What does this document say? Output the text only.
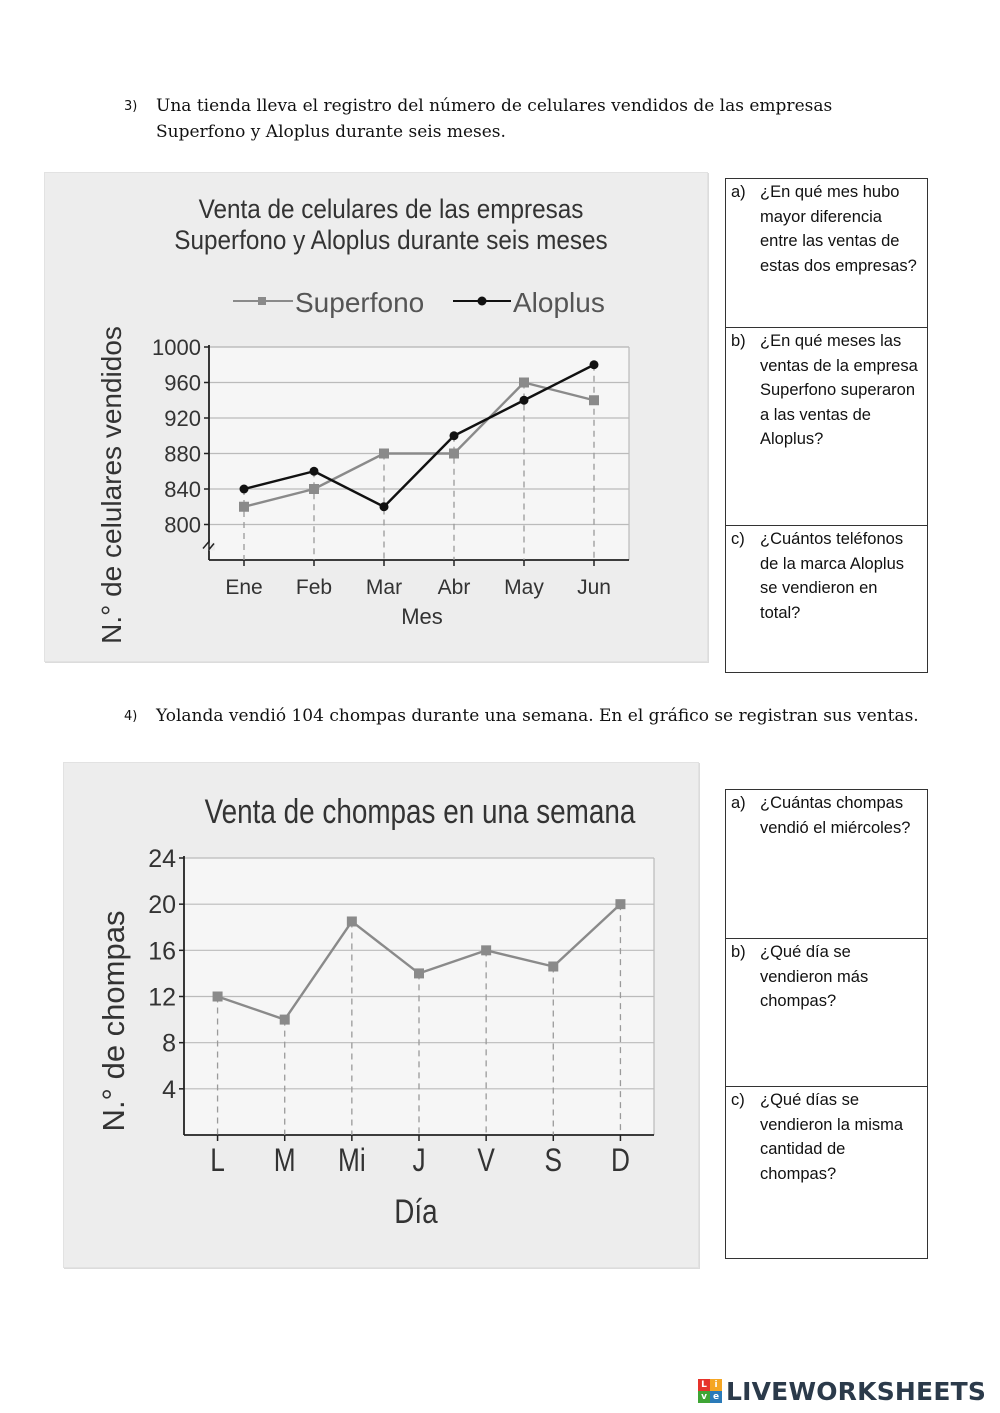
3) Una tienda lleva el registro del número de celulares vendidos de las empresas Superfono y Aloplus durante seis meses.
Venta de celulares de las empresas
Superfono y Aloplus durante seis meses
Superfono	Aloplus
N.° de celulares vendidos	Mes
800
840
880
920
960
1000
Ene Feb Mar Abr May Jun
a) ¿En qué mes hubo mayor diferencia entre las ventas de estas dos empresas?
b) ¿En qué meses las ventas de la empresa Superfono superaron a las ventas de Aloplus?
c) ¿Cuántos teléfonos de la marca Aloplus se vendieron en total?
4) Yolanda vendió 104 chompas durante una semana. En el gráfico se registran sus ventas.
Venta de chompas en una semana
N.° de chompas
Día
4
8
12
16
20
24
L M Mi J V S D
a) ¿Cuántas chompas vendió el miércoles?
b) ¿Qué día se vendieron más chompas?
c) ¿Qué días se vendieron la misma cantidad de chompas?
L i
v e LIVEWORKSHEETS
